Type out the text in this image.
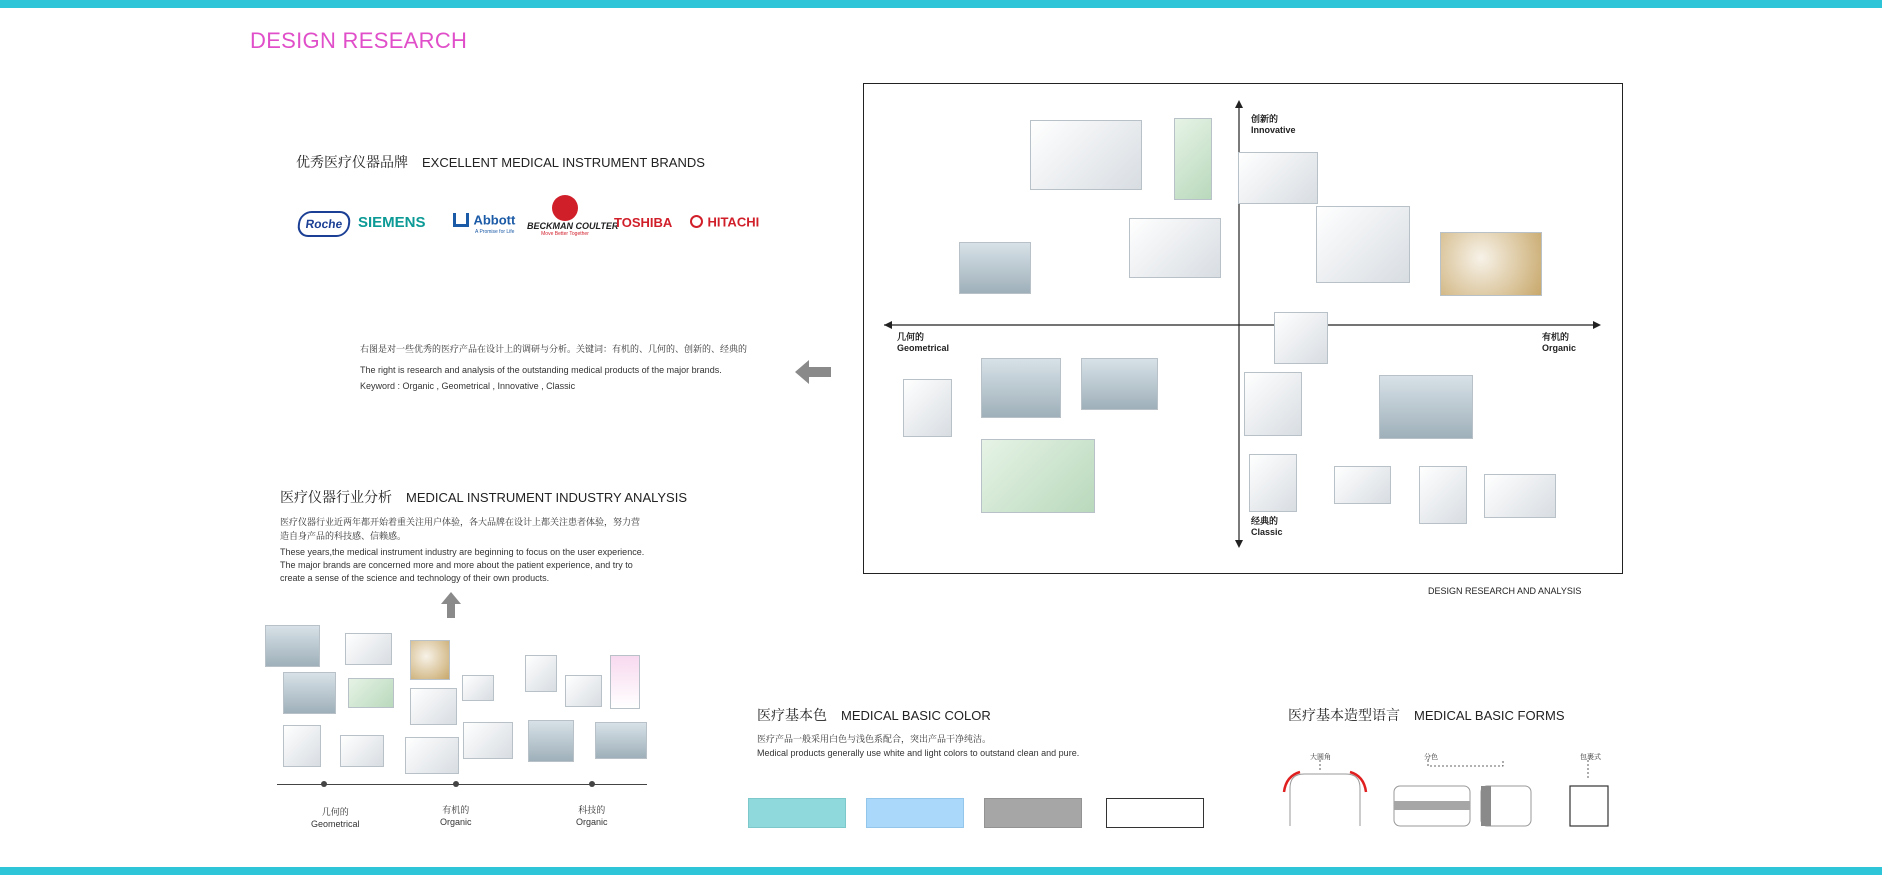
DESIGN RESEARCH
优秀医疗仪器品牌 EXCELLENT MEDICAL INSTRUMENT BRANDS
Roche SIEMENS	Abbott
A Promise for Life
BECKMAN COULTER
Move Better Together
TOSHIBA	HITACHI
右图是对一些优秀的医疗产品在设计上的调研与分析。关键词：有机的、几何的、创新的、经典的
The right is research and analysis of the outstanding medical products of the major brands.
Keyword : Organic , Geometrical , Innovative , Classic
医疗仪器行业分析 MEDICAL INSTRUMENT INDUSTRY ANALYSIS
医疗仪器行业近两年都开始着重关注用户体验，各大品牌在设计上都关注患者体验，努力营
造自身产品的科技感、信赖感。
These years,the medical instrument industry are beginning to focus on the user experience.
The major brands are concerned more and more about the patient experience, and try to
create a sense of the science and technology of their own products.
几何的
Geometrical
有机的
Organic
科技的
Organic
创新的
Innovative
经典的
Classic
几何的
Geometrical
有机的
Organic
DESIGN RESEARCH AND ANALYSIS
医疗基本色 MEDICAL BASIC COLOR
医疗产品一般采用白色与浅色系配合，突出产品干净纯洁。
Medical products generally use white and light colors to outstand clean and pure.
医疗基本造型语言 MEDICAL BASIC FORMS
大圆角	分色	包裹式
